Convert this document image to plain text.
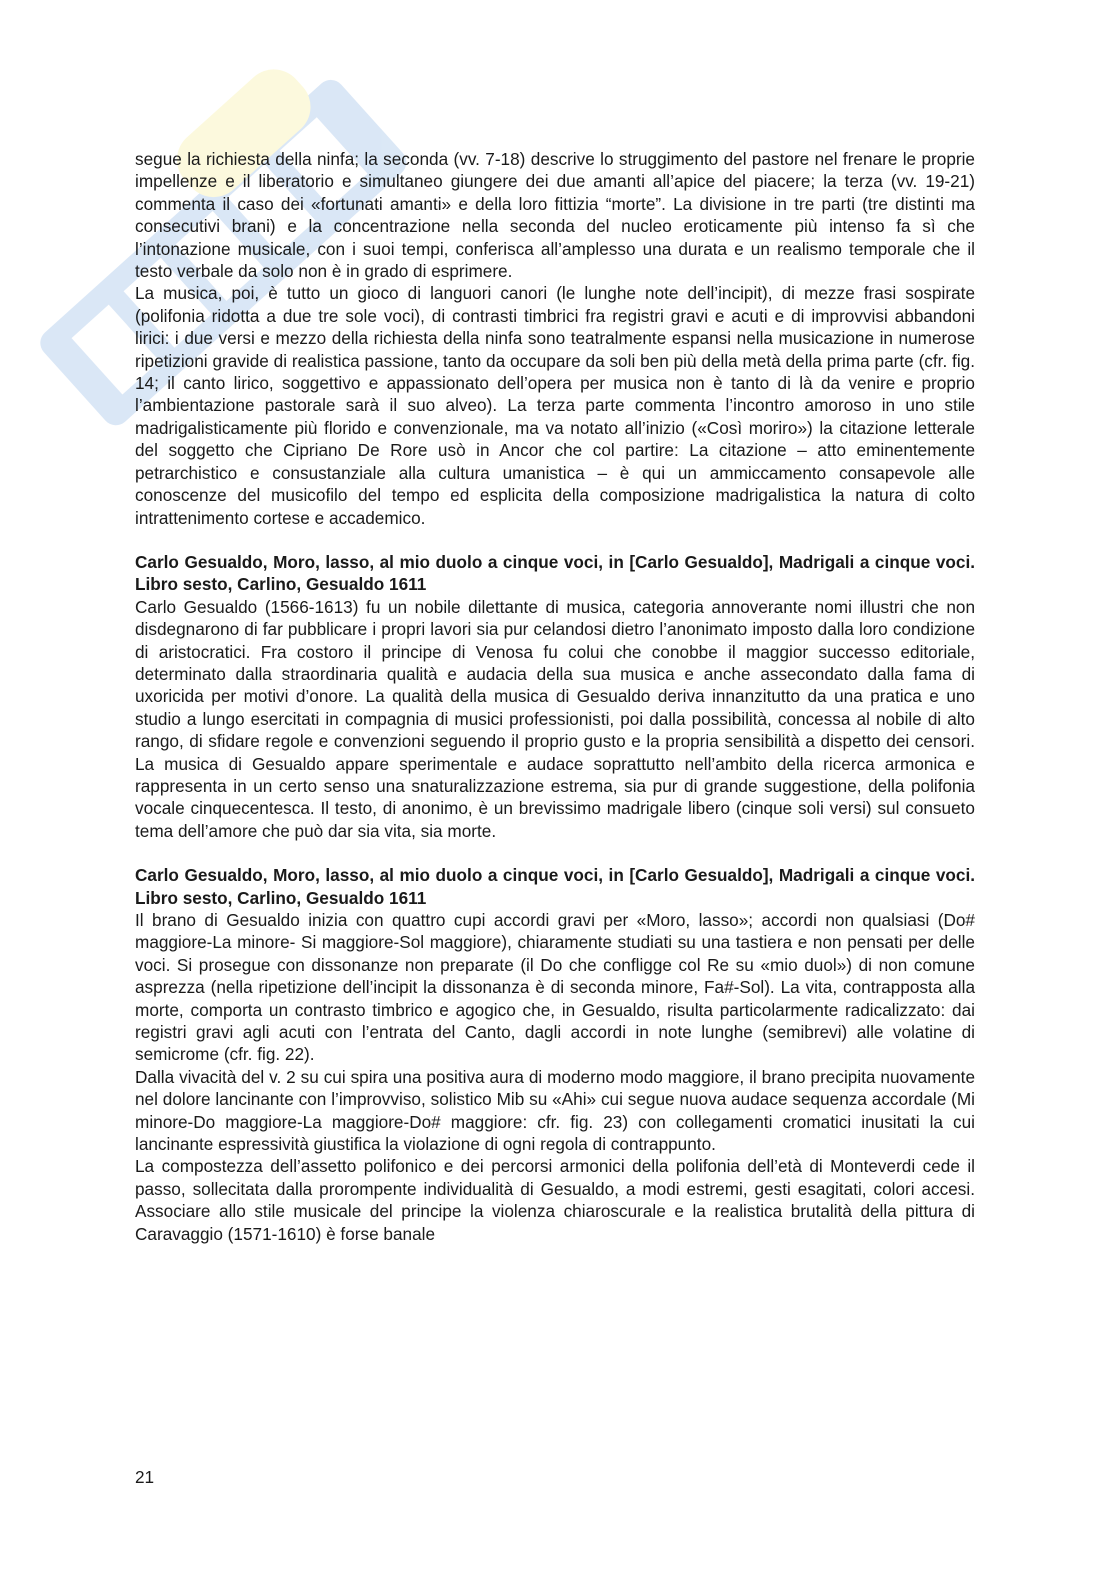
segue la richiesta della ninfa; la seconda (vv. 7-18) descrive lo struggimento del pastore nel frenare le proprie impellenze e il liberatorio e simultaneo giungere dei due amanti all’apice del piacere; la terza (vv. 19-21) commenta il caso dei «fortunati amanti» e della loro fittizia “morte”. La divisione in tre parti (tre distinti ma consecutivi brani) e la concentrazione nella seconda del nucleo eroticamente più intenso fa sì che l’intonazione musicale, con i suoi tempi, conferisca all’amplesso una durata e un realismo temporale che il testo verbale da solo non è in grado di esprimere.

La musica, poi, è tutto un gioco di languori canori (le lunghe note dell’incipit), di mezze frasi sospirate (polifonia ridotta a due tre sole voci), di contrasti timbrici fra registri gravi e acuti e di improvvisi abbandoni lirici: i due versi e mezzo della richiesta della ninfa sono teatralmente espansi nella musicazione in numerose ripetizioni gravide di realistica passione, tanto da occupare da soli ben più della metà della prima parte (cfr. fig. 14; il canto lirico, soggettivo e appassionato dell’opera per musica non è tanto di là da venire e proprio l’ambientazione pastorale sarà il suo alveo). La terza parte commenta l’incontro amoroso in uno stile madrigalisticamente più florido e convenzionale, ma va notato all’inizio («Così moriro») la citazione letterale del soggetto che Cipriano De Rore usò in Ancor che col partire: La citazione – atto eminentemente petrarchistico e consustanziale alla cultura umanistica – è qui un ammiccamento consapevole alle conoscenze del musicofilo del tempo ed esplicita della composizione madrigalistica la natura di colto intrattenimento cortese e accademico.

Carlo Gesualdo, Moro, lasso, al mio duolo a cinque voci, in [Carlo Gesualdo], Madrigali a cinque voci. Libro sesto, Carlino, Gesualdo 1611

Carlo Gesualdo (1566-1613) fu un nobile dilettante di musica, categoria annoverante nomi illustri che non disdegnarono di far pubblicare i propri lavori sia pur celandosi dietro l’anonimato imposto dalla loro condizione di aristocratici. Fra costoro il principe di Venosa fu colui che conobbe il maggior successo editoriale, determinato dalla straordinaria qualità e audacia della sua musica e anche assecondato dalla fama di uxoricida per motivi d’onore. La qualità della musica di Gesualdo deriva innanzitutto da una pratica e uno studio a lungo esercitati in compagnia di musici professionisti, poi dalla possibilità, concessa al nobile di alto rango, di sfidare regole e convenzioni seguendo il proprio gusto e la propria sensibilità a dispetto dei censori. La musica di Gesualdo appare sperimentale e audace soprattutto nell’ambito della ricerca armonica e rappresenta in un certo senso una snaturalizzazione estrema, sia pur di grande suggestione, della polifonia vocale cinquecentesca. Il testo, di anonimo, è un brevissimo madrigale libero (cinque soli versi) sul consueto tema dell’amore che può dar sia vita, sia morte.

Carlo Gesualdo, Moro, lasso, al mio duolo a cinque voci, in [Carlo Gesualdo], Madrigali a cinque voci. Libro sesto, Carlino, Gesualdo 1611

Il brano di Gesualdo inizia con quattro cupi accordi gravi per «Moro, lasso»; accordi non qualsiasi (Do# maggiore-La minore- Si maggiore-Sol maggiore), chiaramente studiati su una tastiera e non pensati per delle voci. Si prosegue con dissonanze non preparate (il Do che confligge col Re su «mio duol») di non comune asprezza (nella ripetizione dell’incipit la dissonanza è di seconda minore, Fa#-Sol). La vita, contrapposta alla morte, comporta un contrasto timbrico e agogico che, in Gesualdo, risulta particolarmente radicalizzato: dai registri gravi agli acuti con l’entrata del Canto, dagli accordi in note lunghe (semibrevi) alle volatine di semicrome (cfr. fig. 22).

Dalla vivacità del v. 2 su cui spira una positiva aura di moderno modo maggiore, il brano precipita nuovamente nel dolore lancinante con l’improvviso, solistico Mib su «Ahi» cui segue nuova audace sequenza accordale (Mi minore-Do maggiore-La maggiore-Do# maggiore: cfr. fig. 23) con collegamenti cromatici inusitati la cui lancinante espressività giustifica la violazione di ogni regola di contrappunto.

La compostezza dell’assetto polifonico e dei percorsi armonici della polifonia dell’età di Monteverdi cede il passo, sollecitata dalla prorompente individualità di Gesualdo, a modi estremi, gesti esagitati, colori accesi. Associare allo stile musicale del principe la violenza chiaroscurale e la realistica brutalità della pittura di Caravaggio (1571-1610) è forse banale

21
